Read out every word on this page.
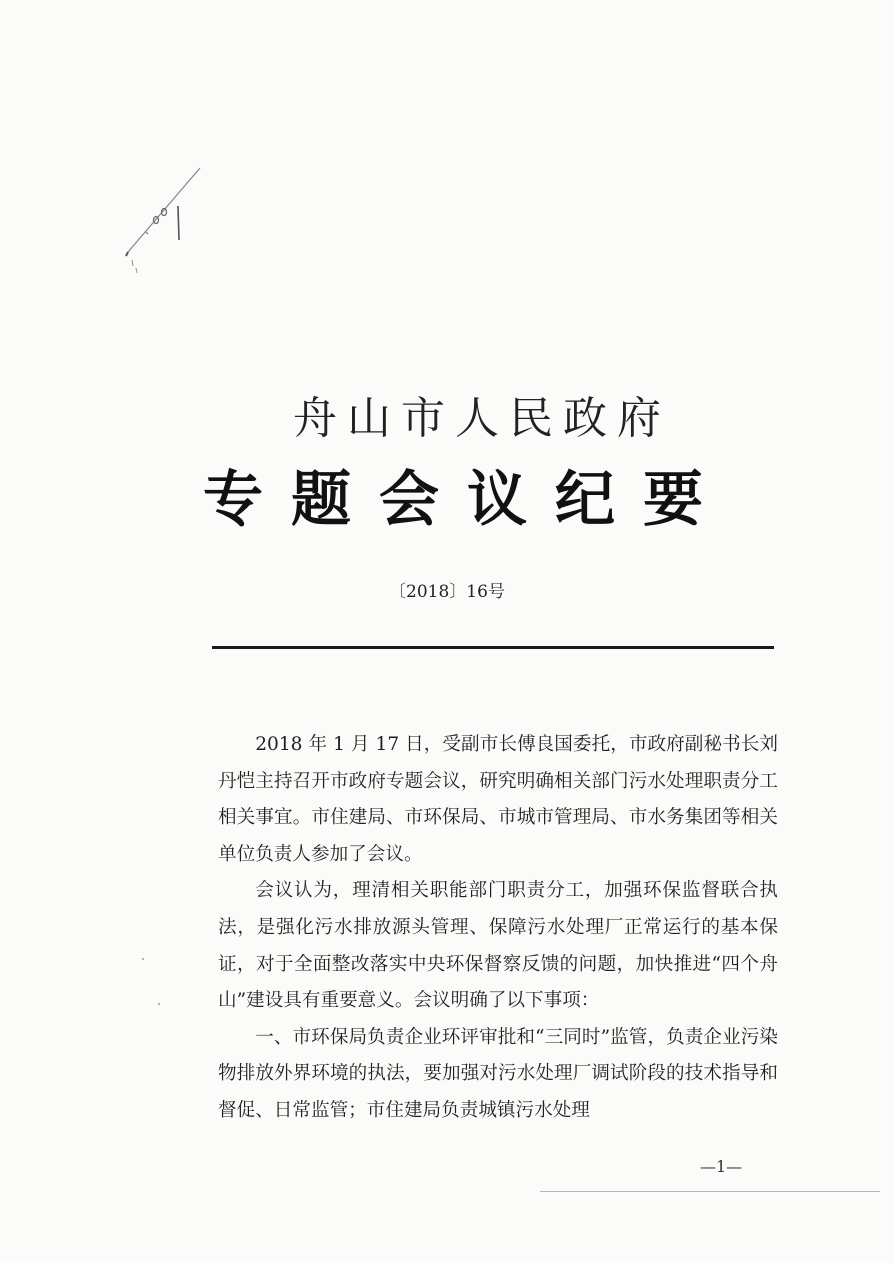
舟山市人民政府
专题会议纪要
〔2018〕16号

2018 年 1 月 17 日，受副市长傅良国委托，市政府副秘书长刘丹恺主持召开市政府专题会议，研究明确相关部门污水处理职责分工相关事宜。市住建局、市环保局、市城市管理局、市水务集团等相关单位负责人参加了会议。

会议认为，理清相关职能部门职责分工，加强环保监督联合执法，是强化污水排放源头管理、保障污水处理厂正常运行的基本保证，对于全面整改落实中央环保督察反馈的问题，加快推进“四个舟山”建设具有重要意义。会议明确了以下事项：

一、市环保局负责企业环评审批和“三同时”监管，负责企业污染物排放外界环境的执法，要加强对污水处理厂调试阶段的技术指导和督促、日常监管；市住建局负责城镇污水处理

—1—
